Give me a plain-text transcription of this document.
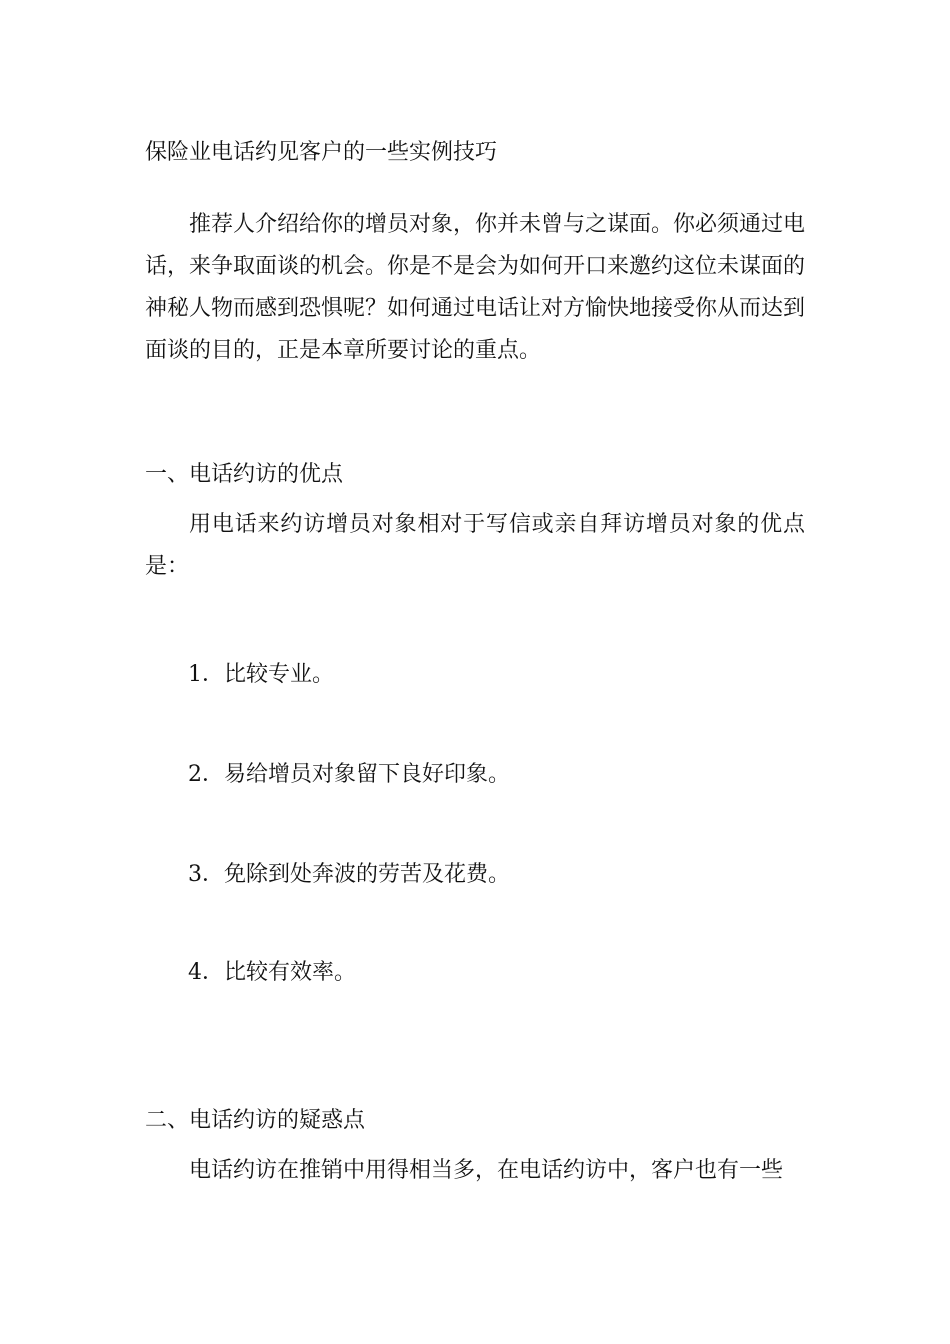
保险业电话约见客户的一些实例技巧

推荐人介绍给你的增员对象，你并未曾与之谋面。你必须通过电话，来争取面谈的机会。你是不是会为如何开口来邀约这位未谋面的神秘人物而感到恐惧呢？如何通过电话让对方愉快地接受你从而达到面谈的目的，正是本章所要讨论的重点。

一、电话约访的优点

用电话来约访增员对象相对于写信或亲自拜访增员对象的优点是：

1．比较专业。

2．易给增员对象留下良好印象。

3．免除到处奔波的劳苦及花费。

4．比较有效率。

二、电话约访的疑惑点

电话约访在推销中用得相当多，在电话约访中，客户也有一些
